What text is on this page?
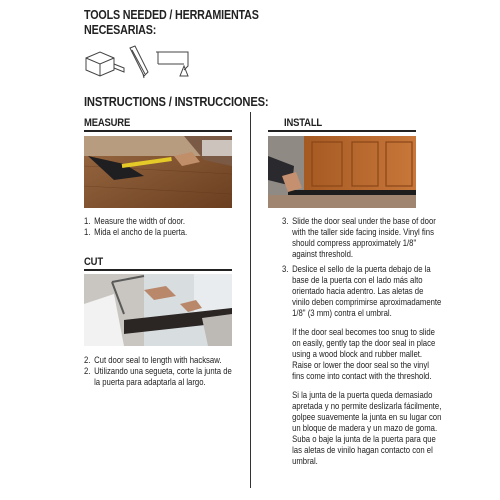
TOOLS NEEDED / HERRAMIENTAS
NECESARIAS:
INSTRUCTIONS / INSTRUCCIONES:
MEASURE
1. Measure the width of door.
1. Mida el ancho de la puerta.
CUT
2. Cut door seal to length with hacksaw.
2. Utilizando una segueta, corte la junta de la puerta para adaptarla al largo.
INSTALL
3. Slide the door seal under the base of door with the taller side facing inside. Vinyl fins should compress approximately 1/8" against threshold.
3. Deslice el sello de la puerta debajo de la base de la puerta con el lado más alto orientado hacia adentro. Las aletas de vinilo deben comprimirse aproximadamente 1/8" (3 mm) contra el umbral.

If the door seal becomes too snug to slide on easily, gently tap the door seal in place using a wood block and rubber mallet. Raise or lower the door seal so the vinyl fins come into contact with the threshold.

Si la junta de la puerta queda demasiado apretada y no permite deslizarla fácilmente, golpee suavemente la junta en su lugar con un bloque de madera y un mazo de goma. Suba o baje la junta de la puerta para que las aletas de vinilo hagan contacto con el umbral.
